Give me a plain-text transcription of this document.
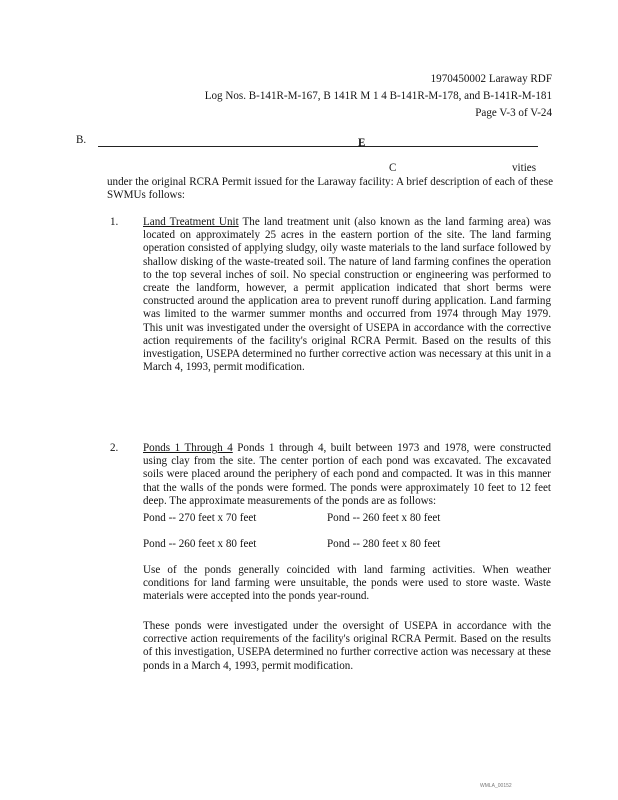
1970450002 Laraway RDF
Log Nos. B-141R-M-167, B 141R M 1 4 B-141R-M-178, and B-141R-M-181
Page V-3 of V-24
B.	E
C	vities
under the original RCRA Permit issued for the Laraway facility: A brief description of each of these SWMUs follows:
1. Land Treatment Unit The land treatment unit (also known as the land farming area) was located on approximately 25 acres in the eastern portion of the site. The land farming operation consisted of applying sludgy, oily waste materials to the land surface followed by shallow disking of the waste-treated soil. The nature of land farming confines the operation to the top several inches of soil. No special construction or engineering was performed to create the landform, however, a permit application indicated that short berms were constructed around the application area to prevent runoff during application. Land farming was limited to the warmer summer months and occurred from 1974 through May 1979. This unit was investigated under the oversight of USEPA in accordance with the corrective action requirements of the facility's original RCRA Permit. Based on the results of this investigation, USEPA determined no further corrective action was necessary at this unit in a March 4, 1993, permit modification.
2. Ponds 1 Through 4 Ponds 1 through 4, built between 1973 and 1978, were constructed using clay from the site. The center portion of each pond was excavated. The excavated soils were placed around the periphery of each pond and compacted. It was in this manner that the walls of the ponds were formed. The ponds were approximately 10 feet to 12 feet deep. The approximate measurements of the ponds are as follows:
Pond -- 270 feet x 70 feet	Pond -- 260 feet x 80 feet
Pond -- 260 feet x 80 feet	Pond -- 280 feet x 80 feet
Use of the ponds generally coincided with land farming activities. When weather conditions for land farming were unsuitable, the ponds were used to store waste. Waste materials were accepted into the ponds year-round.
These ponds were investigated under the oversight of USEPA in accordance with the corrective action requirements of the facility's original RCRA Permit. Based on the results of this investigation, USEPA determined no further corrective action was necessary at these ponds in a March 4, 1993, permit modification.
WMLA_00152
